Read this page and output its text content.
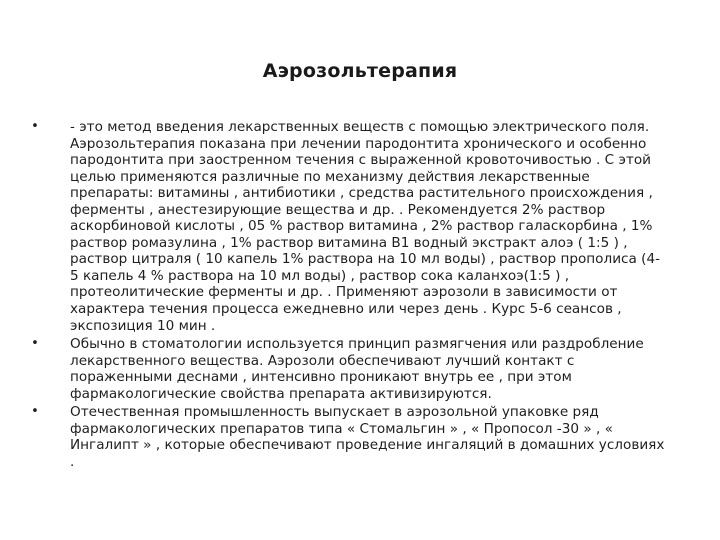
Аэрозольтерапия
• - это метод введения лекарственных веществ с помощью электрического поля. Аэрозольтерапия показана при лечении пародонтита хронического и особенно пародонтита при заостренном течения с выраженной кровоточивостью . С этой целью применяются различные по механизму действия лекарственные препараты: витамины , антибиотики , средства растительного происхождения , ферменты , анестезирующие вещества и др. . Рекомендуется 2% раствор аскорбиновой кислоты , 05 % раствор витамина , 2% раствор галаскорбина , 1% раствор ромазулина , 1% раствор витамина В1 водный экстракт алоэ ( 1:5 ) , раствор цитраля ( 10 капель 1% раствора на 10 мл воды) , раствор прополиса (4-5 капель 4 % раствора на 10 мл воды) , раствор сока каланхоэ(1:5 ) , протеолитические ферменты и др. . Применяют аэрозоли в зависимости от характера течения процесса ежедневно или через день . Курс 5-6 сеансов , экспозиция 10 мин .
• Обычно в стоматологии используется принцип размягчения или раздробление лекарственного вещества. Аэрозоли обеспечивают лучший контакт с пораженными деснами , интенсивно проникают внутрь ее , при этом фармакологические свойства препарата активизируются.
• Отечественная промышленность выпускает в аэрозольной упаковке ряд фармакологических препаратов типа « Стомальгин » , « Пропосол -30 » , « Ингалипт » , которые обеспечивают проведение ингаляций в домашних условиях .
